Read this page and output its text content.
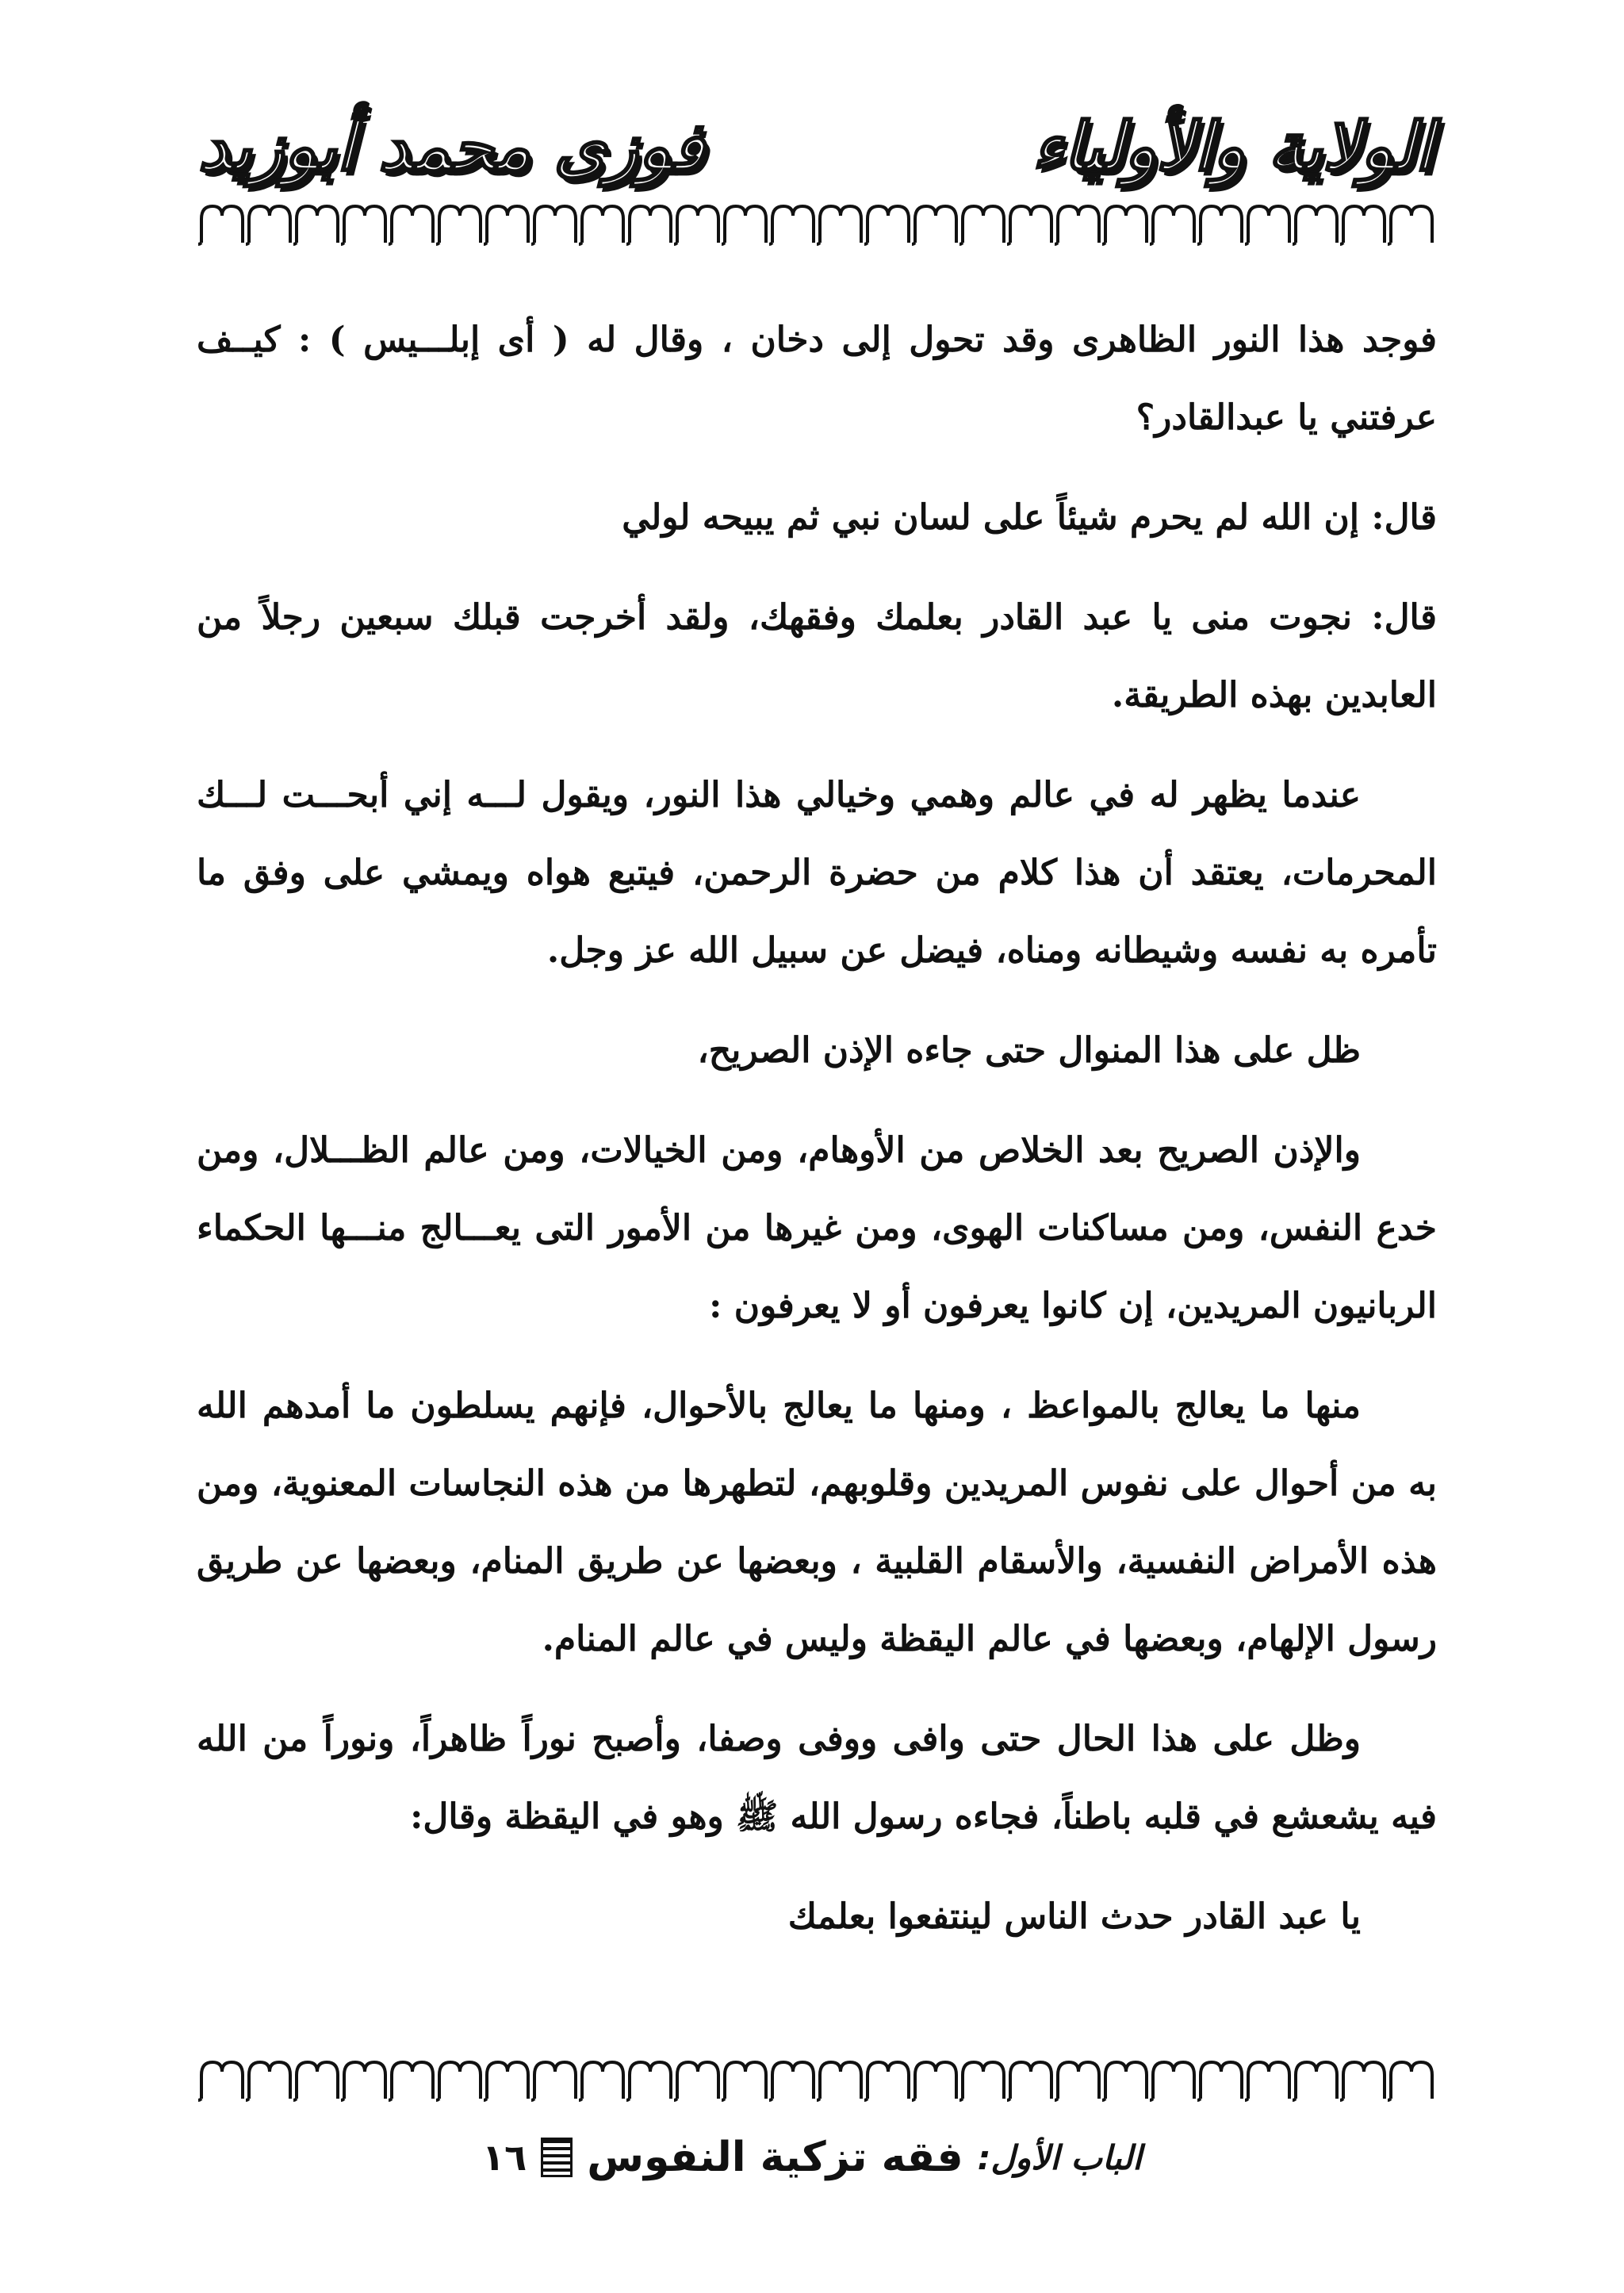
الولاية والأولياء
فوزى محمد أبوزيد

فوجد هذا النور الظاهرى وقد تحول إلى دخان ، وقال له ( أى إبلـــيس ) : كيــف عرفتني يا عبدالقادر؟

قال: إن الله لم يحرم شيئاً على لسان نبي ثم يبيحه لولي

قال: نجوت منى يا عبد القادر بعلمك وفقهك، ولقد أخرجت قبلك سبعين رجلاً من العابدين بهذه الطريقة.

عندما يظهر له في عالم وهمي وخيالي هذا النور، ويقول لـــه إني أبحـــت لـــك المحرمات، يعتقد أن هذا كلام من حضرة الرحمن، فيتبع هواه ويمشي على وفق ما تأمره به نفسه وشيطانه ومناه، فيضل عن سبيل الله عز وجل.

ظل على هذا المنوال حتى جاءه الإذن الصريح،

والإذن الصريح بعد الخلاص من الأوهام، ومن الخيالات، ومن عالم الظـــلال، ومن خدع النفس، ومن مساكنات الهوى، ومن غيرها من الأمور التى يعـــالج منـــها الحكماء الربانيون المريدين، إن كانوا يعرفون أو لا يعرفون :

منها ما يعالج بالمواعظ ، ومنها ما يعالج بالأحوال، فإنهم يسلطون ما أمدهم الله به من أحوال على نفوس المريدين وقلوبهم، لتطهرها من هذه النجاسات المعنوية، ومن هذه الأمراض النفسية، والأسقام القلبية ، وبعضها عن طريق المنام، وبعضها عن طريق رسول الإلهام، وبعضها في عالم اليقظة وليس في عالم المنام.

وظل على هذا الحال حتى وافى ووفى وصفا، وأصبح نوراً ظاهراً، ونوراً من الله فيه يشعشع في قلبه باطناً، فجاءه رسول الله ﷺ وهو في اليقظة وقال:

يا عبد القادر حدث الناس لينتفعوا بعلمك

الباب الأول:
فقه تزكية النفوس
١٦
